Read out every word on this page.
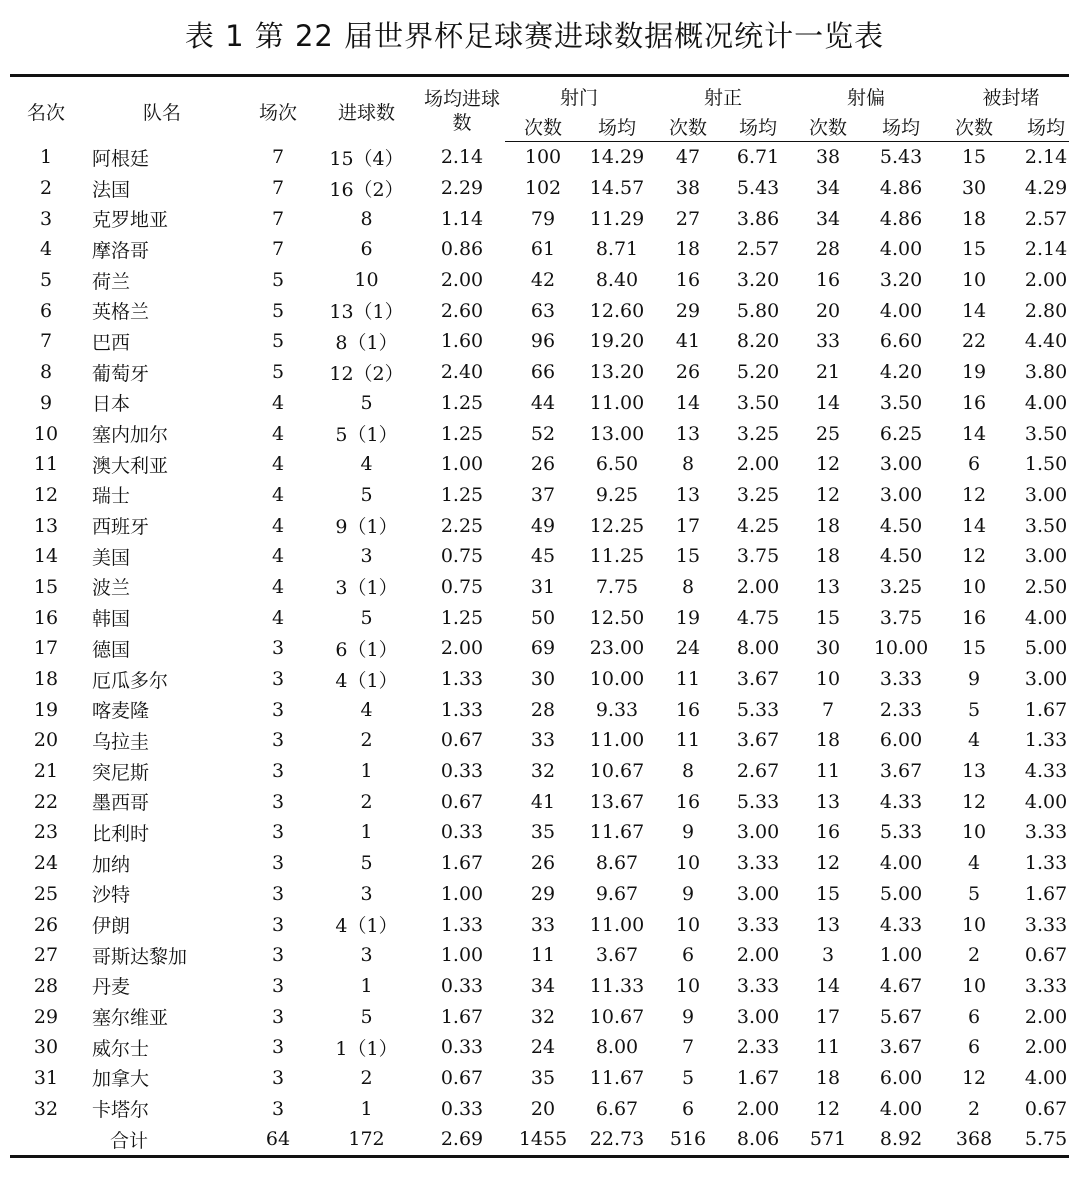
表 1 第 22 届世界杯足球赛进球数据概况统计一览表
名次	队名	场次	进球数	场均进球数	射门		射正		射偏		被封堵	
					次数	场均	次数	场均	次数	场均	次数	场均
1	阿根廷	7	15（4）	2.14	100	14.29	47	6.71	38	5.43	15	2.14
2	法国	7	16（2）	2.29	102	14.57	38	5.43	34	4.86	30	4.29
3	克罗地亚	7	8	1.14	79	11.29	27	3.86	34	4.86	18	2.57
4	摩洛哥	7	6	0.86	61	8.71	18	2.57	28	4.00	15	2.14
5	荷兰	5	10	2.00	42	8.40	16	3.20	16	3.20	10	2.00
6	英格兰	5	13（1）	2.60	63	12.60	29	5.80	20	4.00	14	2.80
7	巴西	5	8（1）	1.60	96	19.20	41	8.20	33	6.60	22	4.40
8	葡萄牙	5	12（2）	2.40	66	13.20	26	5.20	21	4.20	19	3.80
9	日本	4	5	1.25	44	11.00	14	3.50	14	3.50	16	4.00
10	塞内加尔	4	5（1）	1.25	52	13.00	13	3.25	25	6.25	14	3.50
11	澳大利亚	4	4	1.00	26	6.50	8	2.00	12	3.00	6	1.50
12	瑞士	4	5	1.25	37	9.25	13	3.25	12	3.00	12	3.00
13	西班牙	4	9（1）	2.25	49	12.25	17	4.25	18	4.50	14	3.50
14	美国	4	3	0.75	45	11.25	15	3.75	18	4.50	12	3.00
15	波兰	4	3（1）	0.75	31	7.75	8	2.00	13	3.25	10	2.50
16	韩国	4	5	1.25	50	12.50	19	4.75	15	3.75	16	4.00
17	德国	3	6（1）	2.00	69	23.00	24	8.00	30	10.00	15	5.00
18	厄瓜多尔	3	4（1）	1.33	30	10.00	11	3.67	10	3.33	9	3.00
19	喀麦隆	3	4	1.33	28	9.33	16	5.33	7	2.33	5	1.67
20	乌拉圭	3	2	0.67	33	11.00	11	3.67	18	6.00	4	1.33
21	突尼斯	3	1	0.33	32	10.67	8	2.67	11	3.67	13	4.33
22	墨西哥	3	2	0.67	41	13.67	16	5.33	13	4.33	12	4.00
23	比利时	3	1	0.33	35	11.67	9	3.00	16	5.33	10	3.33
24	加纳	3	5	1.67	26	8.67	10	3.33	12	4.00	4	1.33
25	沙特	3	3	1.00	29	9.67	9	3.00	15	5.00	5	1.67
26	伊朗	3	4（1）	1.33	33	11.00	10	3.33	13	4.33	10	3.33
27	哥斯达黎加	3	3	1.00	11	3.67	6	2.00	3	1.00	2	0.67
28	丹麦	3	1	0.33	34	11.33	10	3.33	14	4.67	10	3.33
29	塞尔维亚	3	5	1.67	32	10.67	9	3.00	17	5.67	6	2.00
30	威尔士	3	1（1）	0.33	24	8.00	7	2.33	11	3.67	6	2.00
31	加拿大	3	2	0.67	35	11.67	5	1.67	18	6.00	12	4.00
32	卡塔尔	3	1	0.33	20	6.67	6	2.00	12	4.00	2	0.67
	合计	64	172	2.69	1455	22.73	516	8.06	571	8.92	368	5.75
